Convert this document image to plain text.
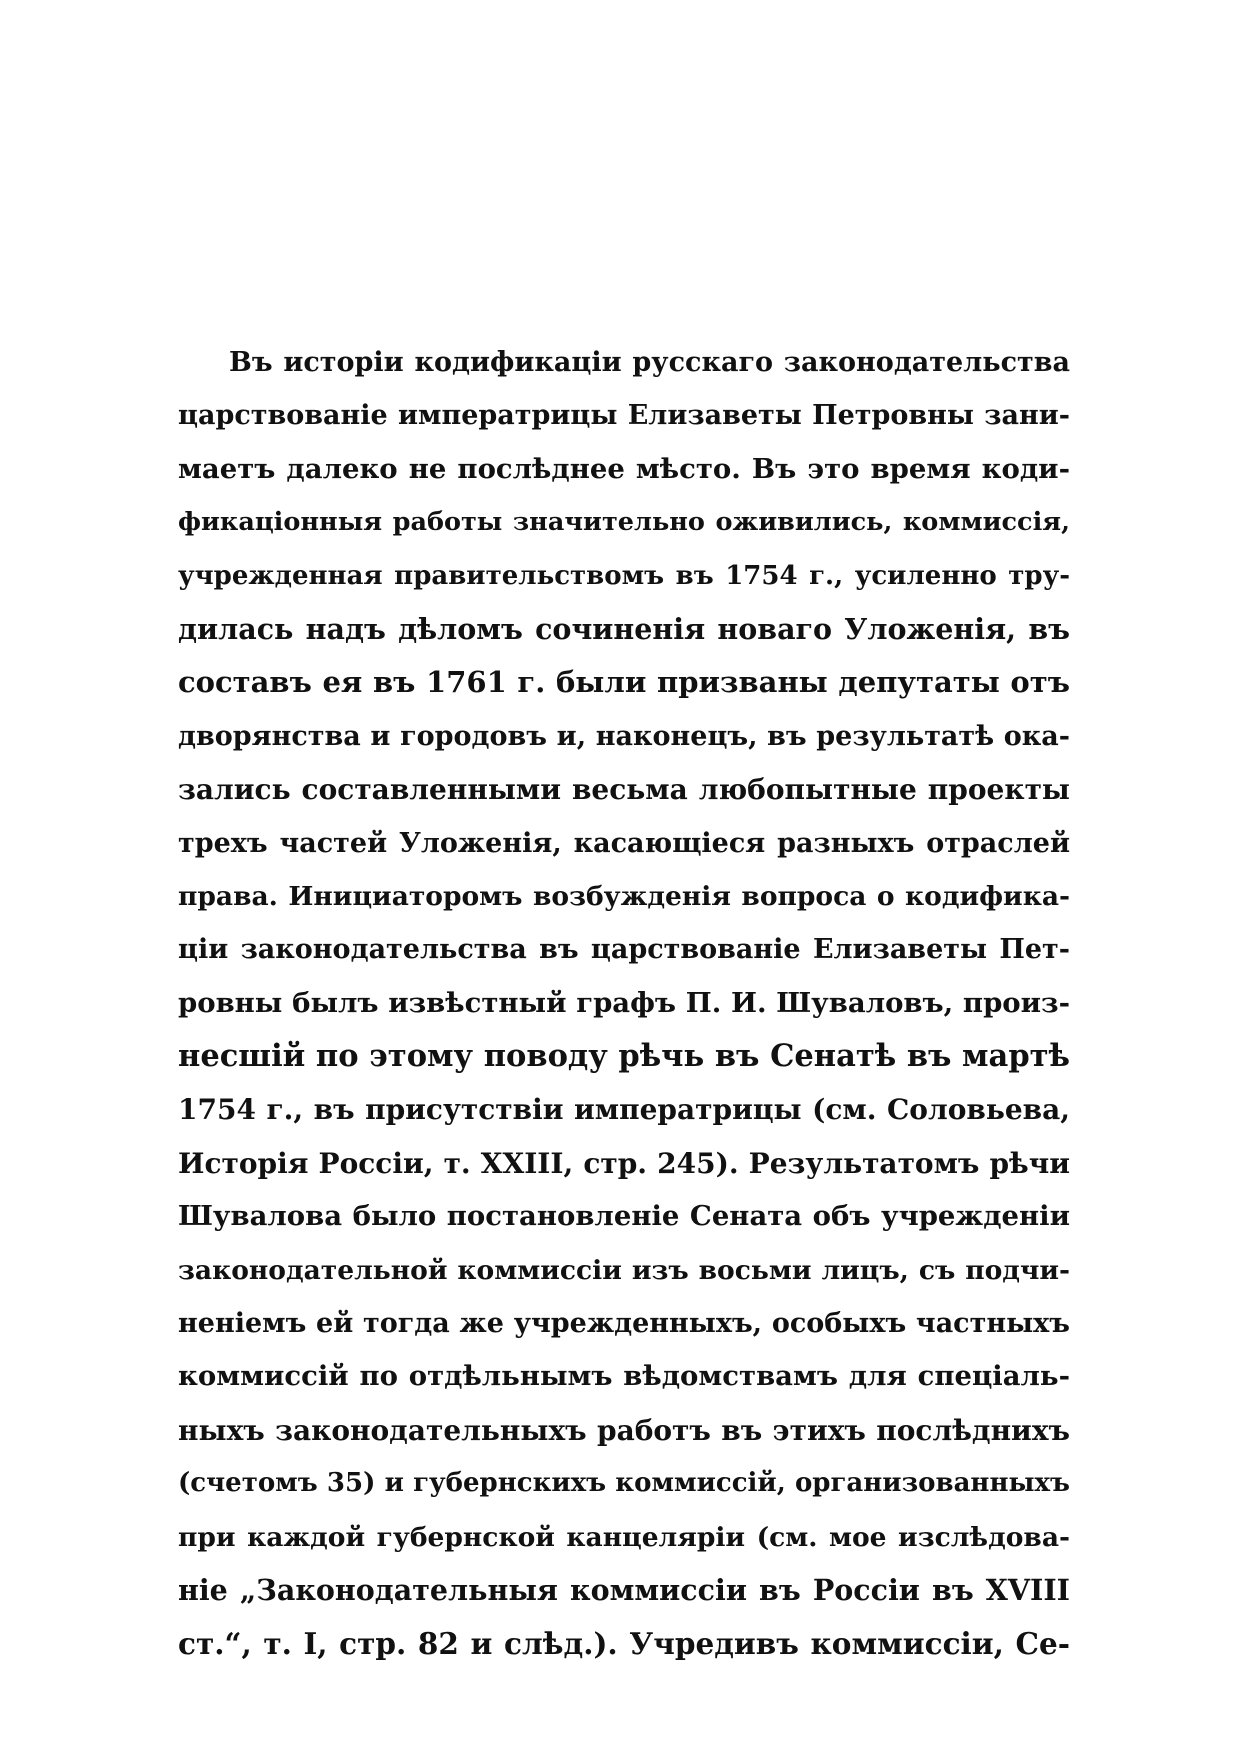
Въ исторіи кодификаціи русскаго законодательства
царствованіе императрицы Елизаветы Петровны зани-
маетъ далеко не послѣднее мѣсто. Въ это время коди-
фикаціонныя работы значительно оживились, коммиссія,
учрежденная правительствомъ въ 1754 г., усиленно тру-
дилась надъ дѣломъ сочиненія новаго Уложенія, въ
составъ ея въ 1761 г. были призваны депутаты отъ
дворянства и городовъ и, наконецъ, въ результатѣ ока-
зались составленными весьма любопытные проекты
трехъ частей Уложенія, касающіеся разныхъ отраслей
права. Инициаторомъ возбужденія вопроса о кодифика-
ціи законодательства въ царствованіе Елизаветы Пет-
ровны былъ извѣстный графъ П. И. Шуваловъ, произ-
несшій по этому поводу рѣчь въ Сенатѣ въ мартѣ
1754 г., въ присутствіи императрицы (см. Соловьева,
Исторія Россіи, т. XXIII, стр. 245). Результатомъ рѣчи
Шувалова было постановленіе Сената объ учрежденіи
законодательной коммиссіи изъ восьми лицъ, съ подчи-
неніемъ ей тогда же учрежденныхъ, особыхъ частныхъ
коммиссій по отдѣльнымъ вѣдомствамъ для спеціаль-
ныхъ законодательныхъ работъ въ этихъ послѣднихъ
(счетомъ 35) и губернскихъ коммиссій, организованныхъ
при каждой губернской канцеляріи (см. мое изслѣдова-
ніе „Законодательныя коммиссіи въ Россіи въ XVIII
ст.“, т. I, стр. 82 и слѣд.). Учредивъ коммиссіи, Се-
